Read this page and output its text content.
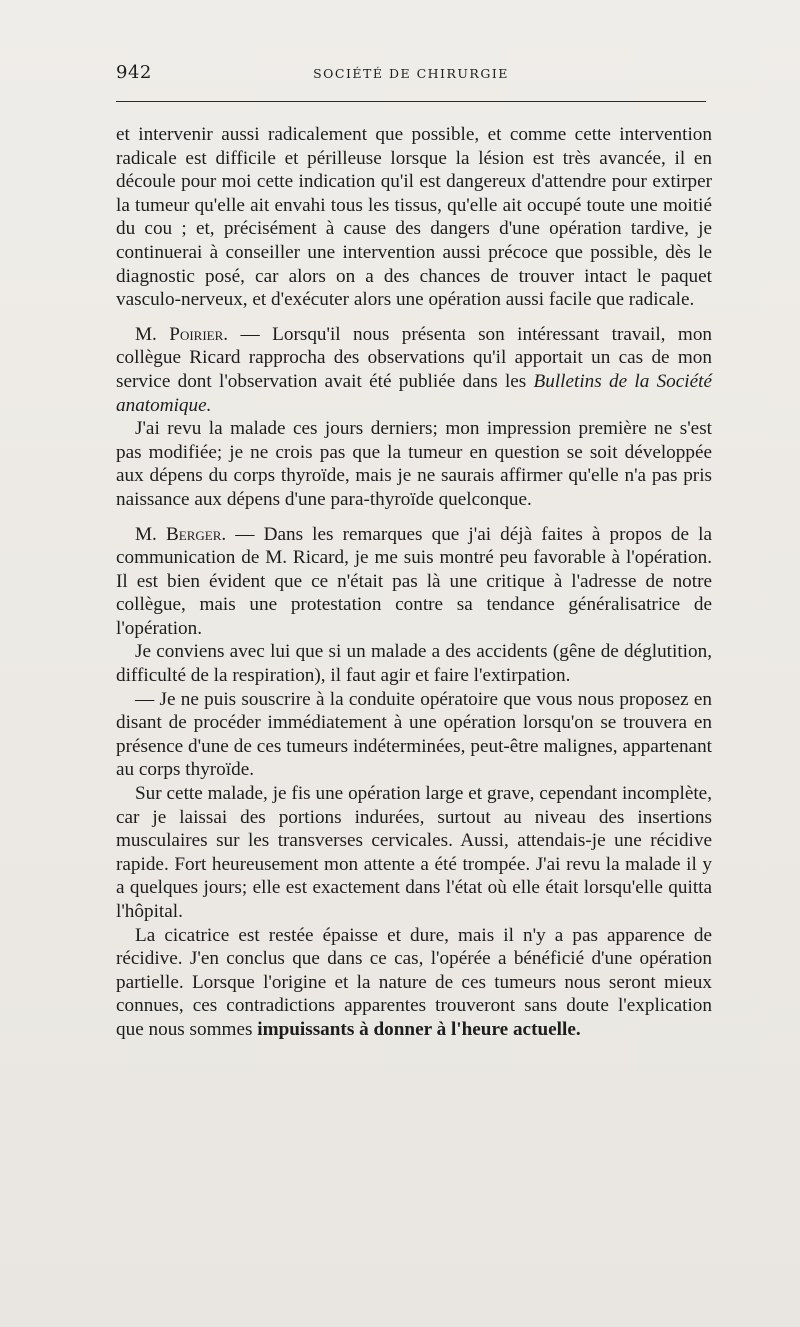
942	SOCIÉTÉ DE CHIRURGIE

et intervenir aussi radicalement que possible, et comme cette intervention radicale est difficile et périlleuse lorsque la lésion est très avancée, il en découle pour moi cette indication qu'il est dangereux d'attendre pour extirper la tumeur qu'elle ait envahi tous les tissus, qu'elle ait occupé toute une moitié du cou ; et, précisément à cause des dangers d'une opération tardive, je continuerai à conseiller une intervention aussi précoce que possible, dès le diagnostic posé, car alors on a des chances de trouver intact le paquet vasculo-nerveux, et d'exécuter alors une opération aussi facile que radicale.

M. Poirier. — Lorsqu'il nous présenta son intéressant travail, mon collègue Ricard rapprocha des observations qu'il apportait un cas de mon service dont l'observation avait été publiée dans les Bulletins de la Société anatomique.

J'ai revu la malade ces jours derniers; mon impression première ne s'est pas modifiée; je ne crois pas que la tumeur en question se soit développée aux dépens du corps thyroïde, mais je ne saurais affirmer qu'elle n'a pas pris naissance aux dépens d'une para-thyroïde quelconque.

M. Berger. — Dans les remarques que j'ai déjà faites à propos de la communication de M. Ricard, je me suis montré peu favorable à l'opération. Il est bien évident que ce n'était pas là une critique à l'adresse de notre collègue, mais une protestation contre sa tendance généralisatrice de l'opération.

Je conviens avec lui que si un malade a des accidents (gêne de déglutition, difficulté de la respiration), il faut agir et faire l'extirpation.

— Je ne puis souscrire à la conduite opératoire que vous nous proposez en disant de procéder immédiatement à une opération lorsqu'on se trouvera en présence d'une de ces tumeurs indéterminées, peut-être malignes, appartenant au corps thyroïde.

Sur cette malade, je fis une opération large et grave, cependant incomplète, car je laissai des portions indurées, surtout au niveau des insertions musculaires sur les transverses cervicales. Aussi, attendais-je une récidive rapide. Fort heureusement mon attente a été trompée. J'ai revu la malade il y a quelques jours; elle est exactement dans l'état où elle était lorsqu'elle quitta l'hôpital.

La cicatrice est restée épaisse et dure, mais il n'y a pas apparence de récidive. J'en conclus que dans ce cas, l'opérée a bénéficié d'une opération partielle. Lorsque l'origine et la nature de ces tumeurs nous seront mieux connues, ces contradictions apparentes trouveront sans doute l'explication que nous sommes impuissants à donner à l'heure actuelle.
